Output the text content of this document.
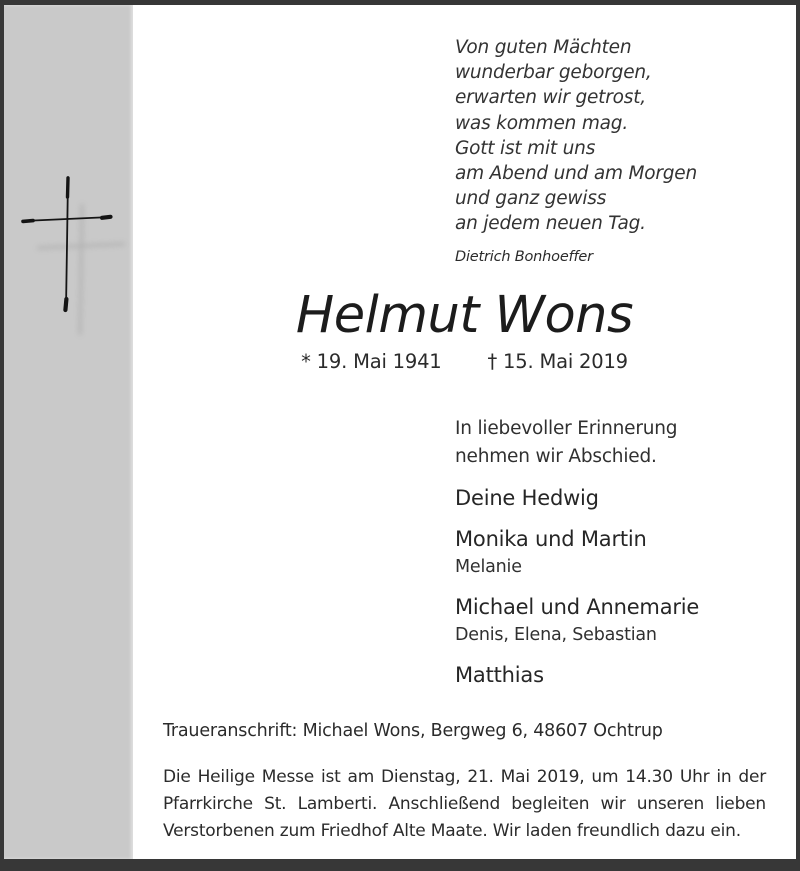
Von guten Mächten
wunderbar geborgen,
erwarten wir getrost,
was kommen mag.
Gott ist mit uns
am Abend und am Morgen
und ganz gewiss
an jedem neuen Tag.
Dietrich Bonhoeffer
Helmut Wons
* 19. Mai 1941 † 15. Mai 2019
In liebevoller Erinnerung
nehmen wir Abschied.
Deine Hedwig
Monika und Martin
Melanie
Michael und Annemarie
Denis, Elena, Sebastian
Matthias
Traueranschrift: Michael Wons, Bergweg 6, 48607 Ochtrup
Die Heilige Messe ist am Dienstag, 21. Mai 2019, um 14.30 Uhr in der Pfarrkirche St. Lamberti. Anschließend begleiten wir unseren lieben Verstorbenen zum Friedhof Alte Maate. Wir laden freundlich dazu ein.
